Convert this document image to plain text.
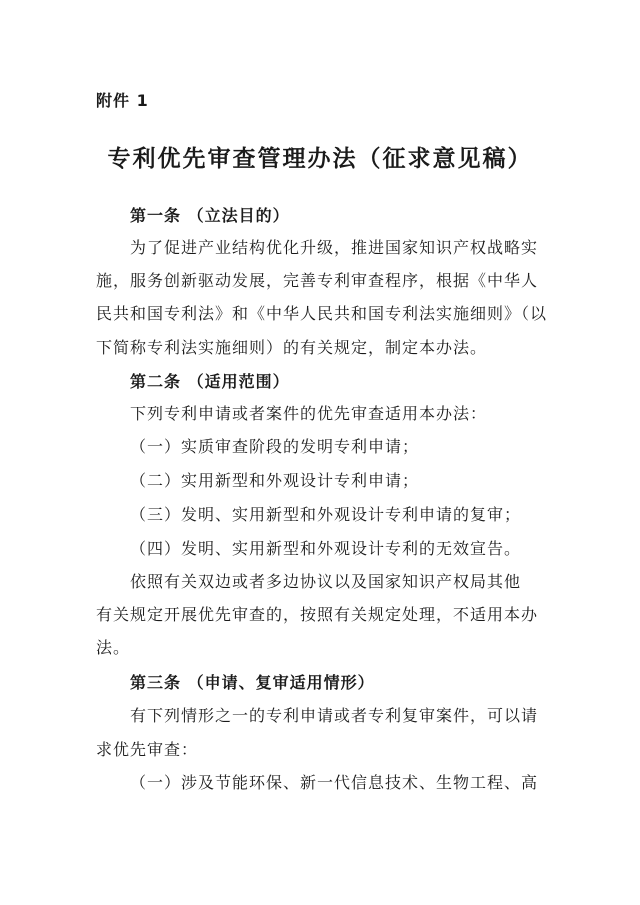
附件 1
专利优先审查管理办法（征求意见稿）
第一条 （立法目的）
为了促进产业结构优化升级，推进国家知识产权战略实
施，服务创新驱动发展，完善专利审查程序，根据《中华人
民共和国专利法》和《中华人民共和国专利法实施细则》（以
下简称专利法实施细则）的有关规定，制定本办法。
第二条 （适用范围）
下列专利申请或者案件的优先审查适用本办法：
（一）实质审查阶段的发明专利申请；
（二）实用新型和外观设计专利申请；
（三）发明、实用新型和外观设计专利申请的复审；
（四）发明、实用新型和外观设计专利的无效宣告。
依照有关双边或者多边协议以及国家知识产权局其他
有关规定开展优先审查的，按照有关规定处理，不适用本办
法。
第三条 （申请、复审适用情形）
有下列情形之一的专利申请或者专利复审案件，可以请
求优先审查：
（一）涉及节能环保、新一代信息技术、生物工程、高
